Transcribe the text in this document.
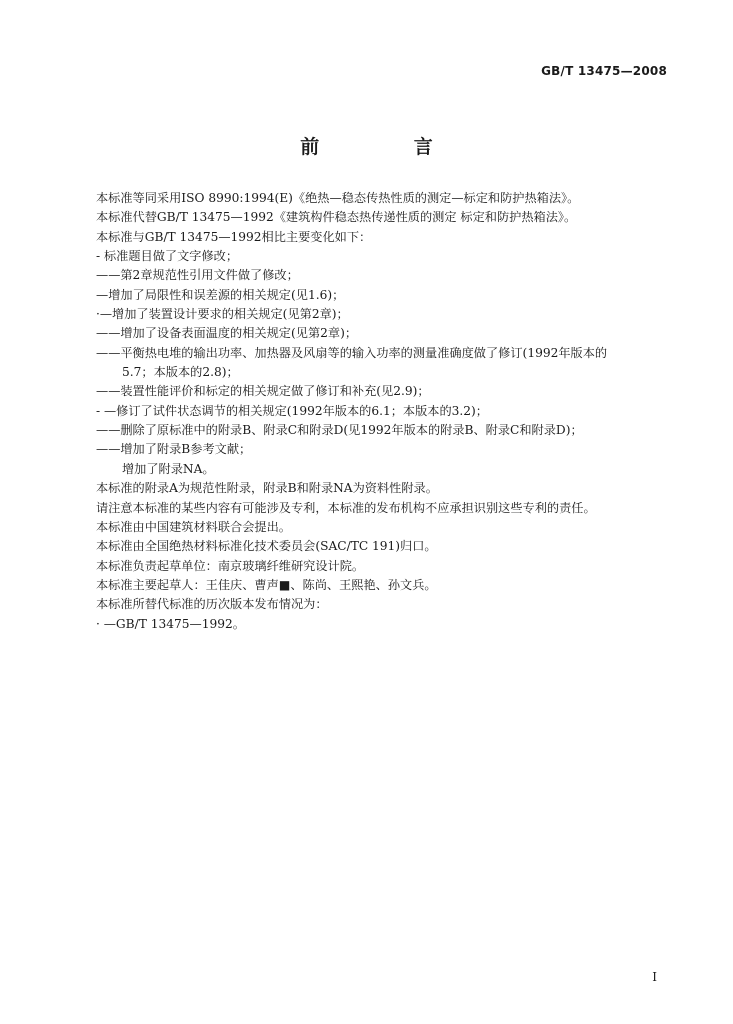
GB/T 13475—2008
前 言
本标准等同采用ISO 8990:1994(E)《绝热—稳态传热性质的测定—标定和防护热箱法》。
本标准代替GB/T 13475—1992《建筑构件稳态热传递性质的测定 标定和防护热箱法》。
本标准与GB/T 13475—1992相比主要变化如下：
- 标准题目做了文字修改；
——第2章规范性引用文件做了修改；
—增加了局限性和误差源的相关规定(见1.6)；
·—增加了装置设计要求的相关规定(见第2章)；
——增加了设备表面温度的相关规定(见第2章)；
——平衡热电堆的输出功率、加热器及风扇等的输入功率的测量准确度做了修订(1992年版本的
5.7；本版本的2.8)；
——装置性能评价和标定的相关规定做了修订和补充(见2.9)；
- —修订了试件状态调节的相关规定(1992年版本的6.1；本版本的3.2)；
——删除了原标准中的附录B、附录C和附录D(见1992年版本的附录B、附录C和附录D)；
——增加了附录B参考文献；
增加了附录NA。
本标准的附录A为规范性附录，附录B和附录NA为资料性附录。
请注意本标准的某些内容有可能涉及专利，本标准的发布机构不应承担识别这些专利的责任。
本标准由中国建筑材料联合会提出。
本标准由全国绝热材料标准化技术委员会(SAC/TC 191)归口。
本标准负责起草单位：南京玻璃纤维研究设计院。
本标准主要起草人：王佳庆、曹声■、陈尚、王熙艳、孙文兵。
本标准所替代标准的历次版本发布情况为：
· —GB/T 13475—1992。
I
